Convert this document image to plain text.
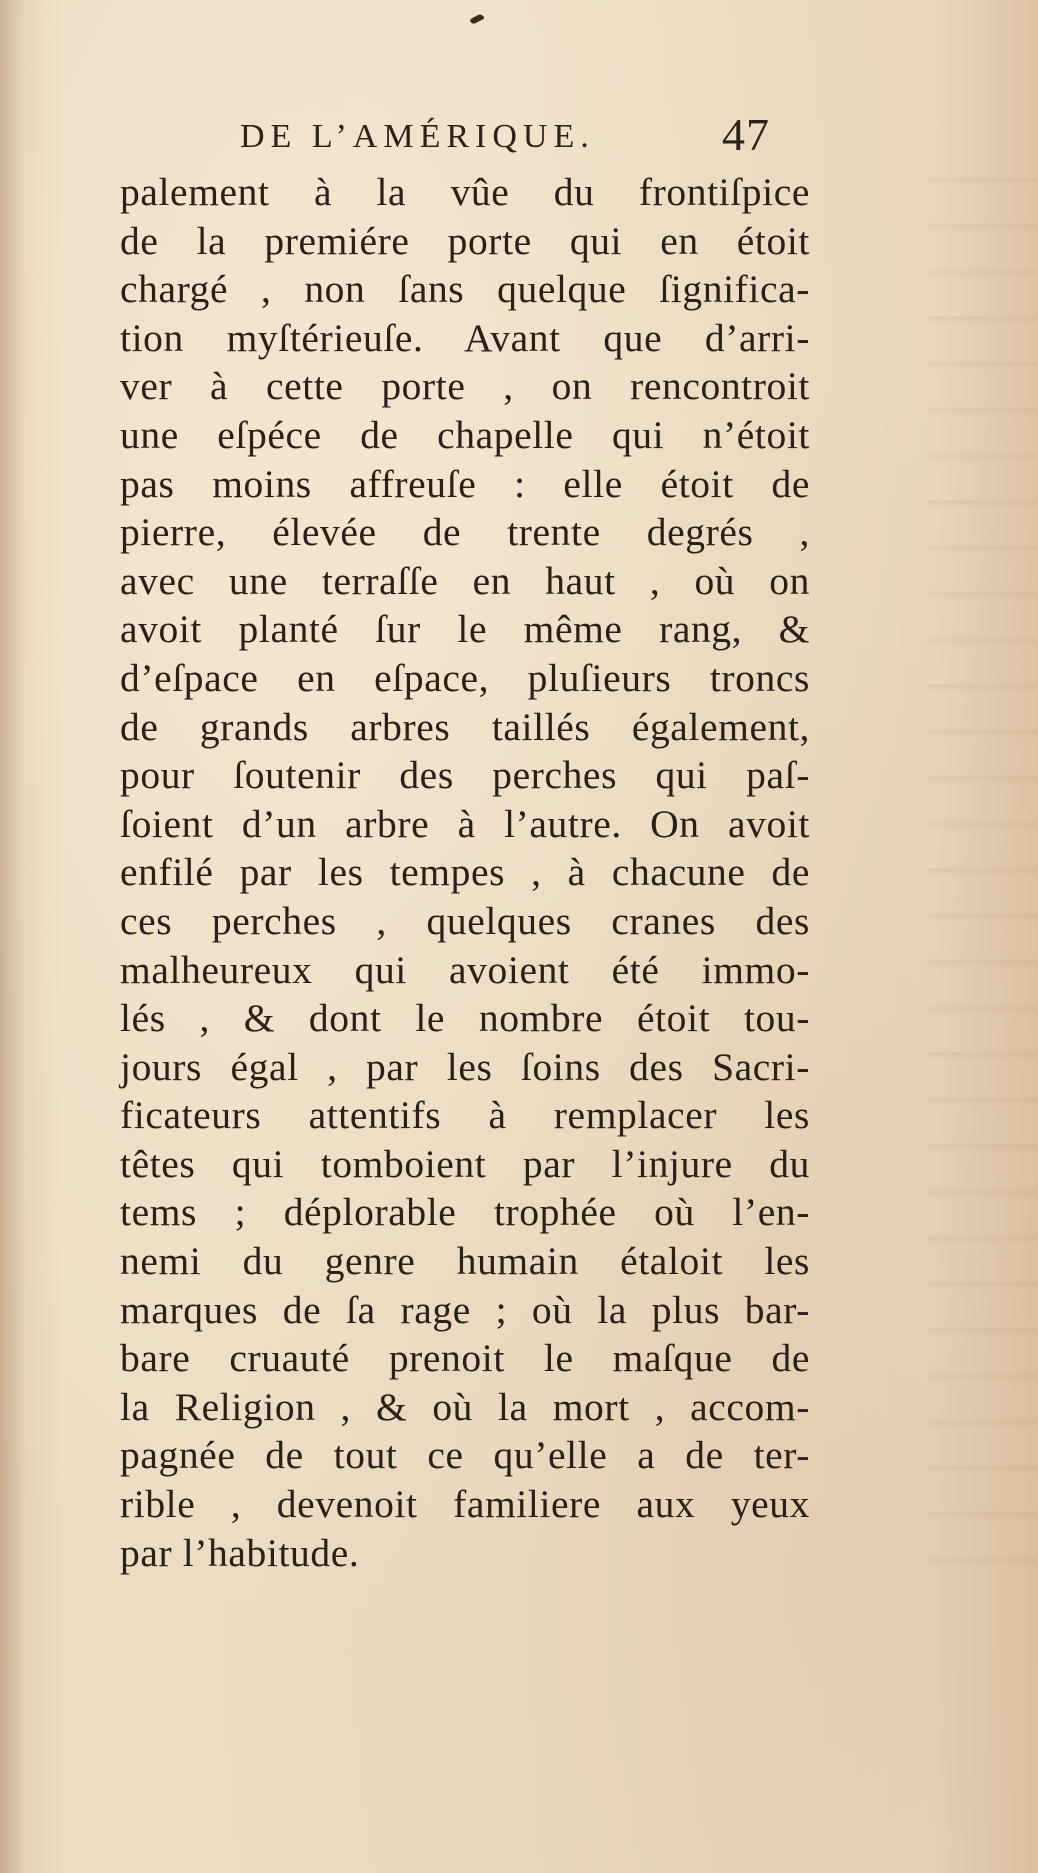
DE L’AMÉRIQUE.	47
palement à la vûe du frontiſpice
de la premiére porte qui en étoit
chargé , non ſans quelque ſignifica-
tion myſtérieuſe. Avant que d’arri-
ver à cette porte , on rencontroit
une eſpéce de chapelle qui n’étoit
pas moins affreuſe : elle étoit de
pierre, élevée de trente degrés ,
avec une terraſſe en haut , où on
avoit planté ſur le même rang, &
d’eſpace en eſpace, pluſieurs troncs
de grands arbres taillés également,
pour ſoutenir des perches qui paſ-
ſoient d’un arbre à l’autre. On avoit
enfilé par les tempes , à chacune de
ces perches , quelques cranes des
malheureux qui avoient été immo-
lés , & dont le nombre étoit tou-
jours égal , par les ſoins des Sacri-
ficateurs attentifs à remplacer les
têtes qui tomboient par l’injure du
tems ; déplorable trophée où l’en-
nemi du genre humain étaloit les
marques de ſa rage ; où la plus bar-
bare cruauté prenoit le maſque de
la Religion , & où la mort , accom-
pagnée de tout ce qu’elle a de ter-
rible , devenoit familiere aux yeux
par l’habitude.
